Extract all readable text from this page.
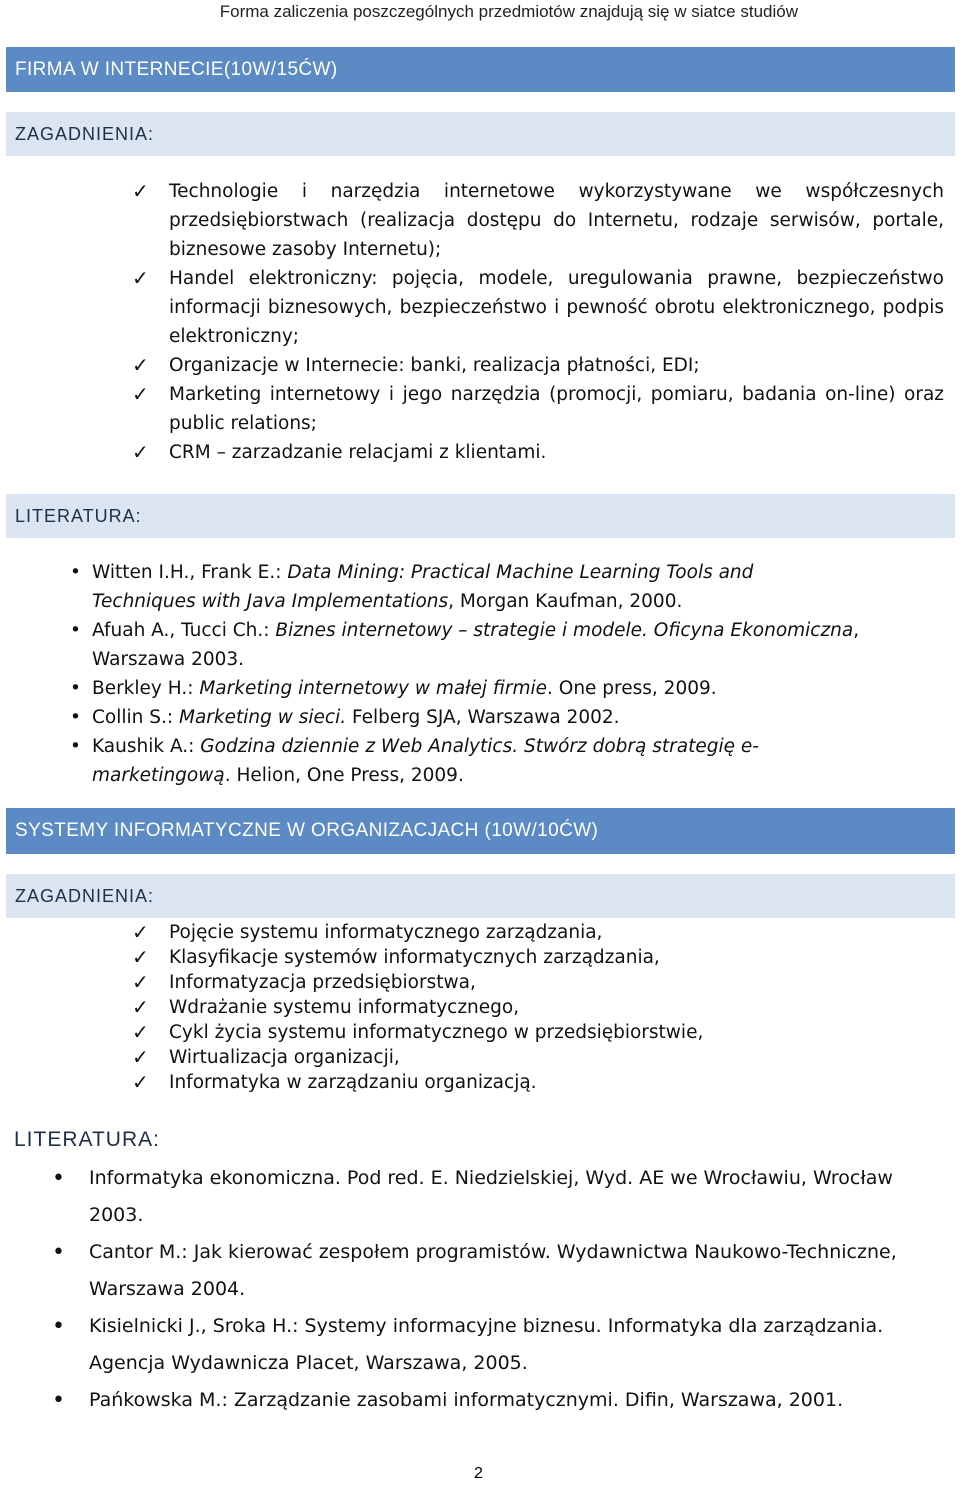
Forma zaliczenia poszczególnych przedmiotów znajdują się w siatce studiów
FIRMA W INTERNECIE(10W/15ĆW)
ZAGADNIENIA:
✓ Technologie i narzędzia internetowe wykorzystywane we współczesnych przedsiębiorstwach (realizacja dostępu do Internetu, rodzaje serwisów, portale, biznesowe zasoby Internetu);
✓ Handel elektroniczny: pojęcia, modele, uregulowania prawne, bezpieczeństwo informacji biznesowych, bezpieczeństwo i pewność obrotu elektronicznego, podpis elektroniczny;
✓ Organizacje w Internecie: banki, realizacja płatności, EDI;
✓ Marketing internetowy i jego narzędzia (promocji, pomiaru, badania on-line) oraz public relations;
✓ CRM – zarzadzanie relacjami z klientami.
LITERATURA:
• Witten I.H., Frank E.: Data Mining: Practical Machine Learning Tools and Techniques with Java Implementations, Morgan Kaufman, 2000.
• Afuah A., Tucci Ch.: Biznes internetowy – strategie i modele. Oficyna Ekonomiczna, Warszawa 2003.
• Berkley H.: Marketing internetowy w małej firmie. One press, 2009.
• Collin S.: Marketing w sieci. Felberg SJA, Warszawa 2002.
• Kaushik A.: Godzina dziennie z Web Analytics. Stwórz dobrą strategię e-marketingową. Helion, One Press, 2009.
SYSTEMY INFORMATYCZNE W ORGANIZACJACH (10W/10ĆW)
ZAGADNIENIA:
✓ Pojęcie systemu informatycznego zarządzania,
✓ Klasyfikacje systemów informatycznych zarządzania,
✓ Informatyzacja przedsiębiorstwa,
✓ Wdrażanie systemu informatycznego,
✓ Cykl życia systemu informatycznego w przedsiębiorstwie,
✓ Wirtualizacja organizacji,
✓ Informatyka w zarządzaniu organizacją.
LITERATURA:
• Informatyka ekonomiczna. Pod red. E. Niedzielskiej, Wyd. AE we Wrocławiu, Wrocław 2003.
• Cantor M.: Jak kierować zespołem programistów. Wydawnictwa Naukowo-Techniczne, Warszawa 2004.
• Kisielnicki J., Sroka H.: Systemy informacyjne biznesu. Informatyka dla zarządzania. Agencja Wydawnicza Placet, Warszawa, 2005.
• Pańkowska M.: Zarządzanie zasobami informatycznymi. Difin, Warszawa, 2001.
2
